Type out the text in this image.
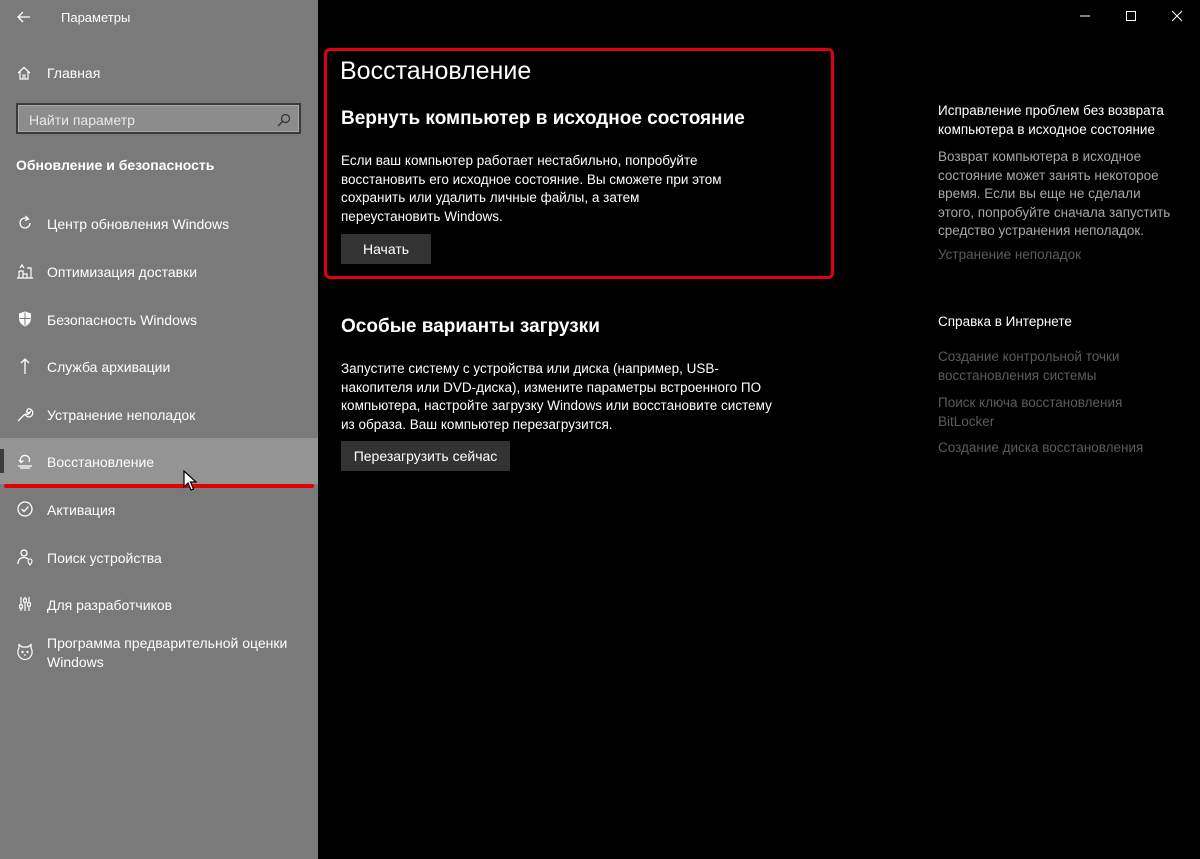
Параметры
Главная
Найти параметр
Обновление и безопасность
Центр обновления Windows
Оптимизация доставки
Безопасность Windows
Служба архивации
Устранение неполадок
Восстановление
Активация
Поиск устройства
Для разработчиков
Программа предварительной оценки Windows
Восстановление
Вернуть компьютер в исходное состояние

Если ваш компьютер работает нестабильно, попробуйте восстановить его исходное состояние. Вы сможете при этом сохранить или удалить личные файлы, а затем переустановить Windows.

Начать
Особые варианты загрузки

Запустите систему с устройства или диска (например, USB-накопителя или DVD-диска), измените параметры встроенного ПО компьютера, настройте загрузку Windows или восстановите систему из образа. Ваш компьютер перезагрузится.

Перезагрузить сейчас
Исправление проблем без возврата компьютера в исходное состояние
Возврат компьютера в исходное состояние может занять некоторое время. Если вы еще не сделали этого, попробуйте сначала запустить средство устранения неполадок.
Устранение неполадок
Справка в Интернете
Создание контрольной точки восстановления системы
Поиск ключа восстановления BitLocker
Создание диска восстановления
